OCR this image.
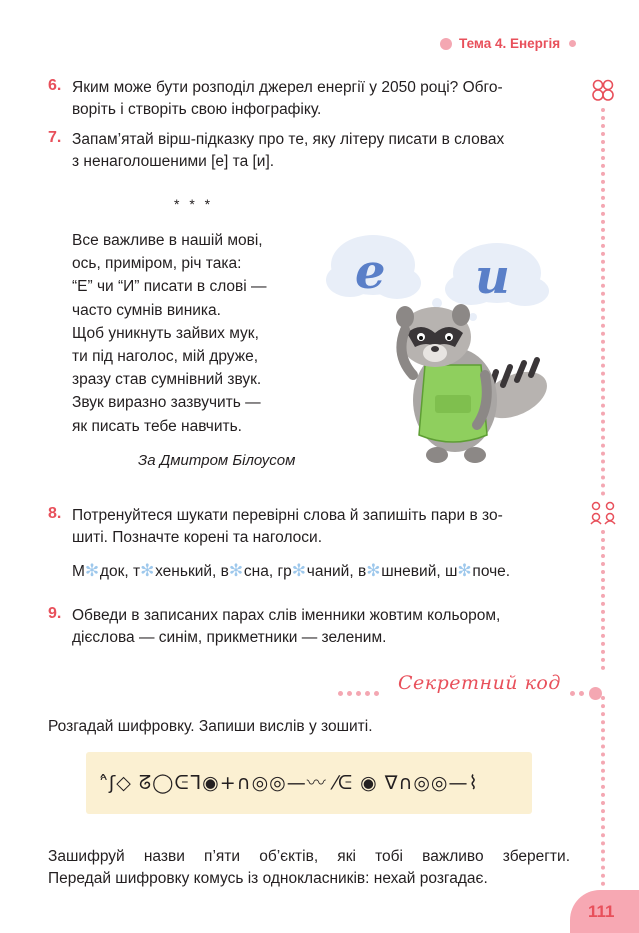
Тема 4. Енергія
6. Яким може бути розподіл джерел енергії у 2050 році? Обго-
воріть і створіть свою інфографіку.
7. Запам’ятай вірш-підказку про те, яку літеру писати в словах
з ненаголошеними [е] та [и].
* * *
Все важливе в нашій мові,
ось, приміром, річ така:
“Е” чи “И” писати в слові —
часто сумнів виника.
Щоб уникнуть зайвих мук,
ти під наголос, мій друже,
зразу став сумнівний звук.
Звук виразно зазвучить —
як писать тебе навчить.
За Дмитром Білоусом
е и
8. Потренуйтеся шукати перевірні слова й запишіть пари в зо-
шиті. Позначте корені та наголоси.
М ✻ док, т ✻ хенький, в ✻ сна, гр ✻ чаний, в ✻ шневий, ш ✻ поче.
9. Обведи в записаних парах слів іменники жовтим кольором,
дієслова — синім, прикметники — зеленим.
Секретний код
Розгадай шифровку. Запиши вислів у зошиті.
ᵔ̂ʃ◇ ᘔ◯ᕮᒣ◉+∩◎◎—〰 ⁄ᕮ ◉ ∇∩◎◎—⌇
Зашифруй назви п’яти об’єктів, які тобі важливо зберегти.
Передай шифровку комусь із однокласників: нехай розгадає.
111
